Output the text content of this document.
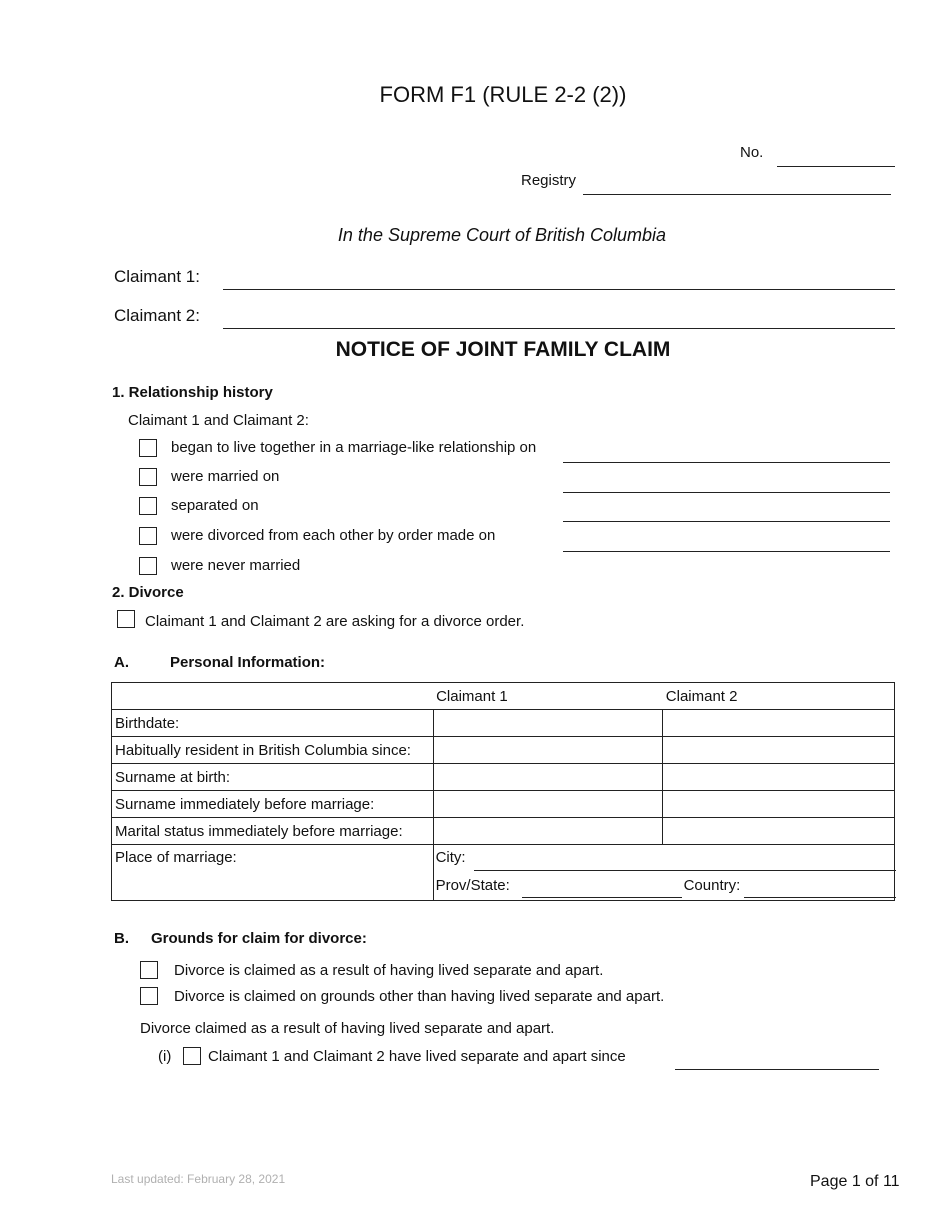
FORM F1 (RULE 2-2 (2))
No.
Registry
In the Supreme Court of British Columbia
Claimant 1:
Claimant 2:
NOTICE OF JOINT FAMILY CLAIM
1. Relationship history
Claimant 1 and Claimant 2:
began to live together in a marriage-like relationship on
were married on
separated on
were divorced from each other by order made on
were never married
2. Divorce
Claimant 1 and Claimant 2 are asking for a divorce order.
A.	Personal Information:
	Claimant 1	Claimant 2
Birthdate:		
Habitually resident in British Columbia since:		
Surname at birth:		
Surname immediately before marriage:		
Marital status immediately before marriage:		
Place of marriage:	City:
Prov/State: Country:	
B. Grounds for claim for divorce:
Divorce is claimed as a result of having lived separate and apart.
Divorce is claimed on grounds other than having lived separate and apart.
Divorce claimed as a result of having lived separate and apart.
(i) Claimant 1 and Claimant 2 have lived separate and apart since
Last updated: February 28, 2021	Page 1 of 11
